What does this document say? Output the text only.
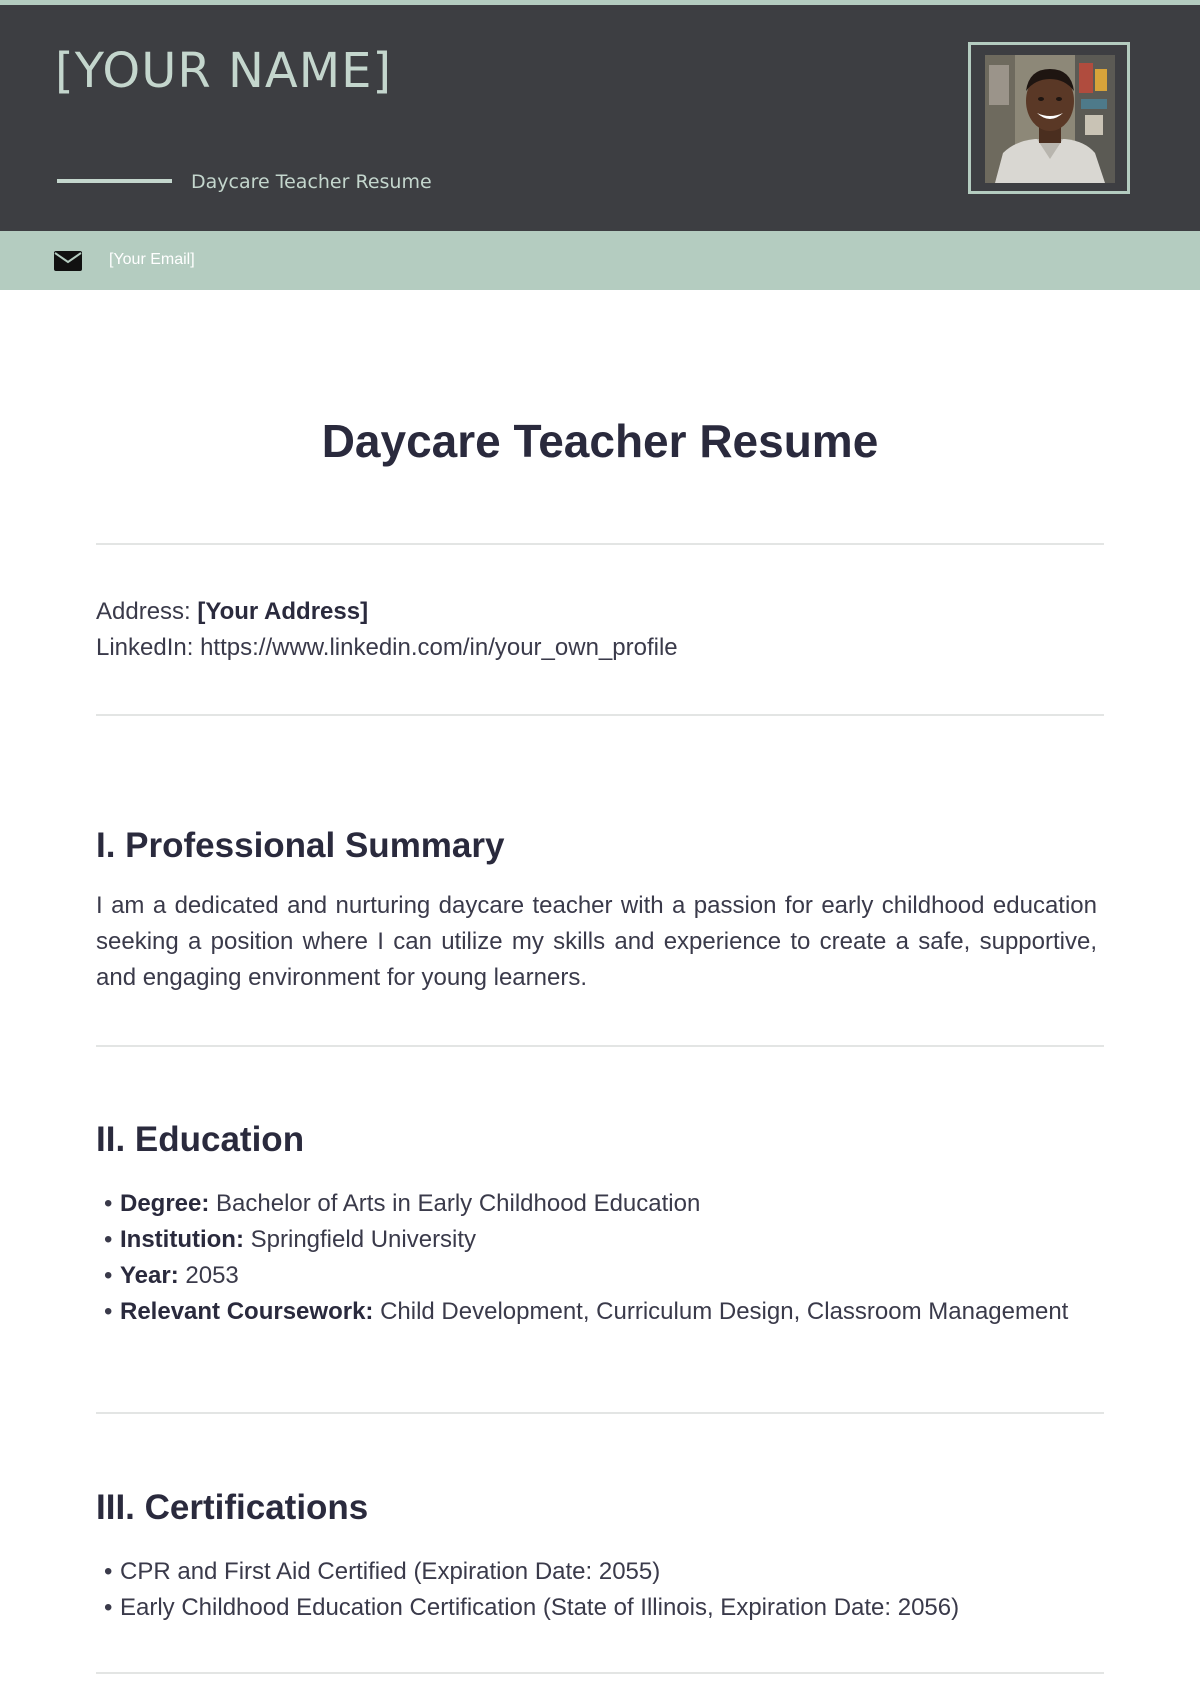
[YOUR NAME]
Daycare Teacher Resume
[Your Email]
Daycare Teacher Resume
Address: [Your Address]
LinkedIn: https://www.linkedin.com/in/your_own_profile
I. Professional Summary

I am a dedicated and nurturing daycare teacher with a passion for early childhood education seeking a position where I can utilize my skills and experience to create a safe, supportive, and engaging environment for young learners.

II. Education
• Degree: Bachelor of Arts in Early Childhood Education
• Institution: Springfield University
• Year: 2053
• Relevant Coursework: Child Development, Curriculum Design, Classroom Management
III. Certifications
• CPR and First Aid Certified (Expiration Date: 2055)
• Early Childhood Education Certification (State of Illinois, Expiration Date: 2056)
